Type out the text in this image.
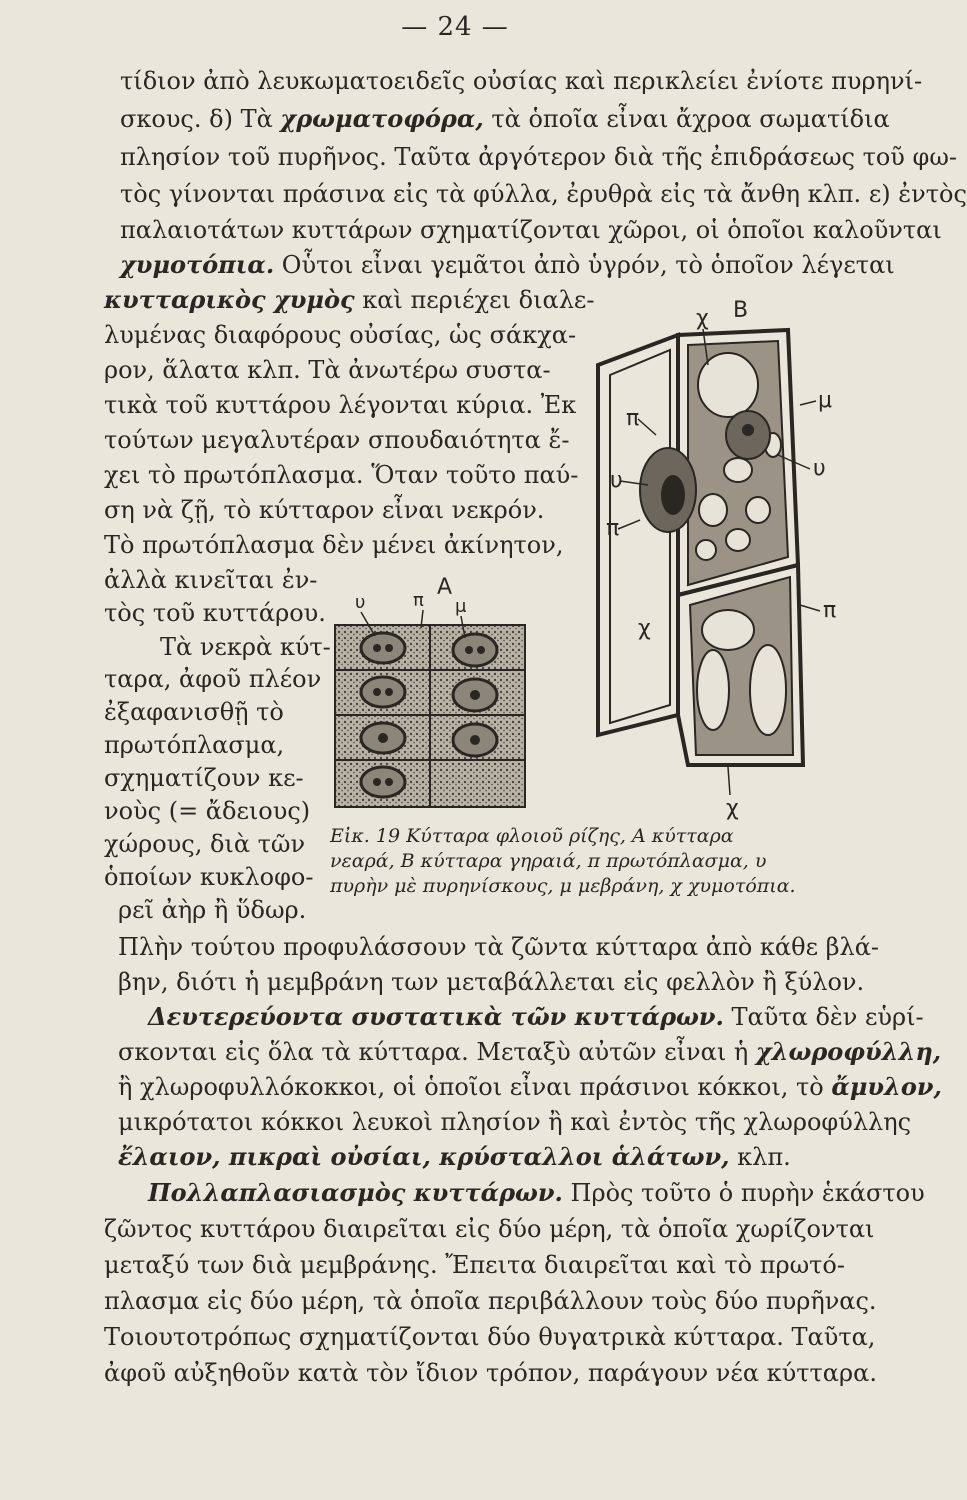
— 24 —
τίδιον ἀπὸ λευκωματοειδεῖς οὐσίας καὶ περικλείει ἐνίοτε πυρηνί-
σκους. δ) Τὰ χρωματοφόρα, τὰ ὁποῖα εἶναι ἄχροα σωματίδια
πλησίον τοῦ πυρῆνος. Ταῦτα ἀργότερον διὰ τῆς ἐπιδράσεως τοῦ φω-
τὸς γίνονται πράσινα εἰς τὰ φύλλα, ἐρυθρὰ εἰς τὰ ἄνθη κλπ. ε) ἐντὸς
παλαιοτάτων κυττάρων σχηματίζονται χῶροι, οἱ ὁποῖοι καλοῦνται
χυμοτόπια. Οὗτοι εἶναι γεμᾶτοι ἀπὸ ὑγρόν, τὸ ὁποῖον λέγεται
κυτταρικὸς χυμὸς καὶ περιέχει διαλε-
λυμένας διαφόρους οὐσίας, ὡς σάκχα-
ρον, ἅλατα κλπ. Τὰ ἀνωτέρω συστα-
τικὰ τοῦ κυττάρου λέγονται κύρια. Ἐκ
τούτων μεγαλυτέραν σπουδαιότητα ἔ-
χει τὸ πρωτόπλασμα. Ὅταν τοῦτο παύ-
ση νὰ ζῇ, τὸ κύτταρον εἶναι νεκρόν.
Τὸ πρωτόπλασμα δὲν μένει ἀκίνητον,
ἀλλὰ κινεῖται ἐν-
τὸς τοῦ κυττάρου.
Τὰ νεκρὰ κύτ-
ταρα, ἀφοῦ πλέον
ἐξαφανισθῇ τὸ
πρωτόπλασμα,
σχηματίζουν κε-
νοὺς (= ἄδειους)
χώρους, διὰ τῶν
ὁποίων κυκλοφο-
ρεῖ ἀὴρ ἢ ὕδωρ.
Α
υ	π μ
Β
χ
χ
χ
π
π
π
υ	υ
μ
Εἰκ. 19 Κύτταρα φλοιοῦ ρίζης, Α κύτταρα
νεαρά, Β κύτταρα γηραιά, π πρωτόπλασμα, υ
πυρὴν μὲ πυρηνίσκους, μ μεβράνη, χ χυμοτόπια.
Πλὴν τούτου προφυλάσσουν τὰ ζῶντα κύτταρα ἀπὸ κάθε βλά-
βην, διότι ἡ μεμβράνη των μεταβάλλεται εἰς φελλὸν ἢ ξύλον.
Δευτερεύοντα συστατικὰ τῶν κυττάρων. Ταῦτα δὲν εὑρί-
σκονται εἰς ὅλα τὰ κύτταρα. Μεταξὺ αὐτῶν εἶναι ἡ χλωροφύλλη,
ἢ χλωροφυλλόκοκκοι, οἱ ὁποῖοι εἶναι πράσινοι κόκκοι, τὸ ἄμυλον,
μικρότατοι κόκκοι λευκοὶ πλησίον ἢ καὶ ἐντὸς τῆς χλωροφύλλης
ἔλαιον, πικραὶ οὐσίαι, κρύσταλλοι ἁλάτων, κλπ.
Πολλαπλασιασμὸς κυττάρων. Πρὸς τοῦτο ὁ πυρὴν ἑκάστου
ζῶντος κυττάρου διαιρεῖται εἰς δύο μέρη, τὰ ὁποῖα χωρίζονται
μεταξύ των διὰ μεμβράνης. Ἔπειτα διαιρεῖται καὶ τὸ πρωτό-
πλασμα εἰς δύο μέρη, τὰ ὁποῖα περιβάλλουν τοὺς δύο πυρῆνας.
Τοιουτοτρόπως σχηματίζονται δύο θυγατρικὰ κύτταρα. Ταῦτα,
ἀφοῦ αὐξηθοῦν κατὰ τὸν ἴδιον τρόπον, παράγουν νέα κύτταρα.
